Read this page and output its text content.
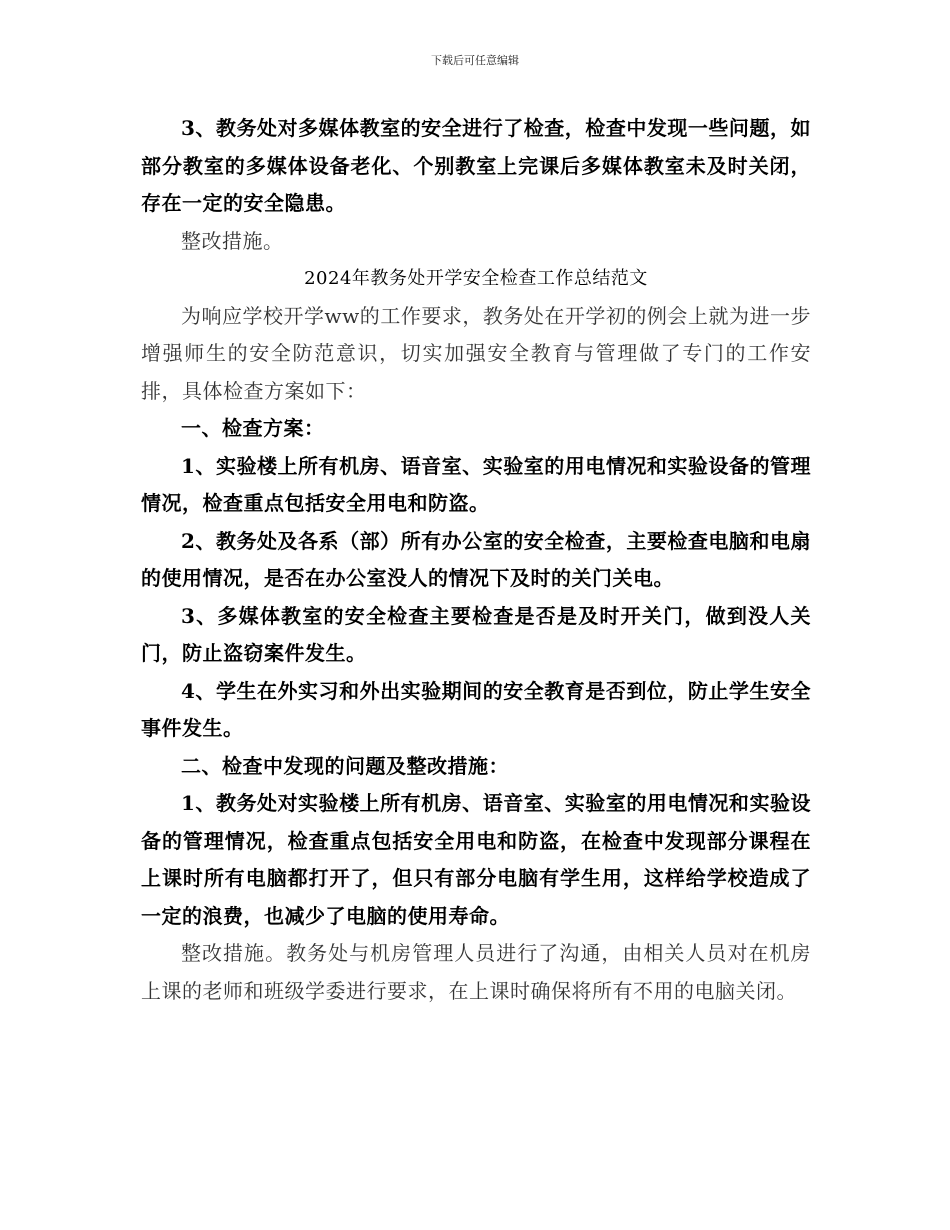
下载后可任意编辑

3、教务处对多媒体教室的安全进行了检查，检查中发现一些问题，如部分教室的多媒体设备老化、个别教室上完课后多媒体教室未及时关闭，存在一定的安全隐患。

整改措施。

2024年教务处开学安全检查工作总结范文

为响应学校开学ww的工作要求，教务处在开学初的例会上就为进一步增强师生的安全防范意识，切实加强安全教育与管理做了专门的工作安排，具体检查方案如下：

一、检查方案：

1、实验楼上所有机房、语音室、实验室的用电情况和实验设备的管理情况，检查重点包括安全用电和防盗。

2、教务处及各系（部）所有办公室的安全检查，主要检查电脑和电扇的使用情况，是否在办公室没人的情况下及时的关门关电。

3、多媒体教室的安全检查主要检查是否是及时开关门，做到没人关门，防止盗窃案件发生。

4、学生在外实习和外出实验期间的安全教育是否到位，防止学生安全事件发生。

二、检查中发现的问题及整改措施：

1、教务处对实验楼上所有机房、语音室、实验室的用电情况和实验设备的管理情况，检查重点包括安全用电和防盗，在检查中发现部分课程在上课时所有电脑都打开了，但只有部分电脑有学生用，这样给学校造成了一定的浪费，也减少了电脑的使用寿命。

整改措施。教务处与机房管理人员进行了沟通，由相关人员对在机房上课的老师和班级学委进行要求，在上课时确保将所有不用的电脑关闭。
